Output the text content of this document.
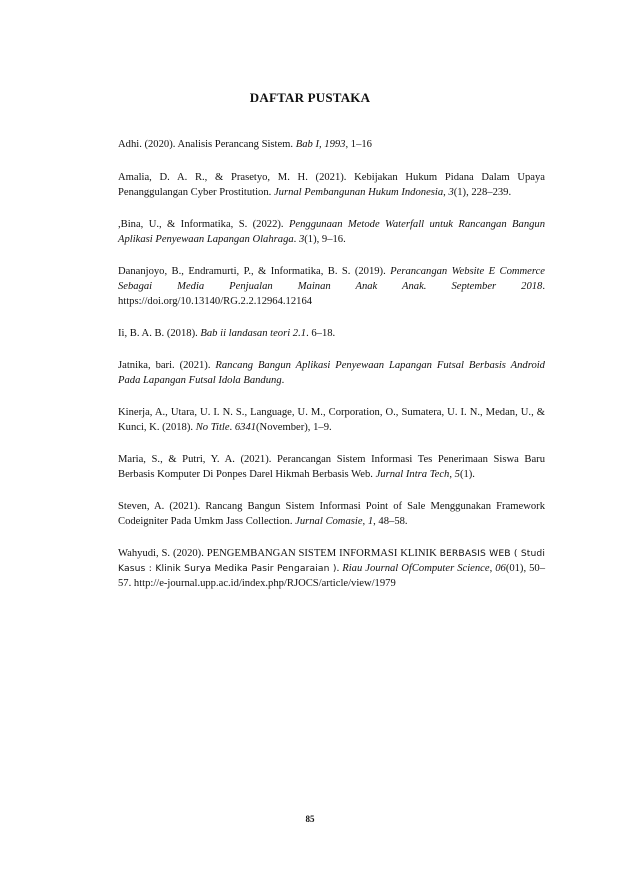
DAFTAR PUSTAKA

Adhi. (2020). Analisis Perancang Sistem. Bab I, 1993, 1–16

Amalia, D. A. R., & Prasetyo, M. H. (2021). Kebijakan Hukum Pidana Dalam Upaya Penanggulangan Cyber Prostitution. Jurnal Pembangunan Hukum Indonesia, 3(1), 228–239.

,Bina, U., & Informatika, S. (2022). Penggunaan Metode Waterfall untuk Rancangan Bangun Aplikasi Penyewaan Lapangan Olahraga. 3(1), 9–16.

Dananjoyo, B., Endramurti, P., & Informatika, B. S. (2019). Perancangan Website E Commerce Sebagai Media Penjualan Mainan Anak Anak. September 2018. https://doi.org/10.13140/RG.2.2.12964.12164

Ii, B. A. B. (2018). Bab ii landasan teori 2.1. 6–18.

Jatnika, bari. (2021). Rancang Bangun Aplikasi Penyewaan Lapangan Futsal Berbasis Android Pada Lapangan Futsal Idola Bandung.

Kinerja, A., Utara, U. I. N. S., Language, U. M., Corporation, O., Sumatera, U. I. N., Medan, U., & Kunci, K. (2018). No Title. 6341(November), 1–9.

Maria, S., & Putri, Y. A. (2021). Perancangan Sistem Informasi Tes Penerimaan Siswa Baru Berbasis Komputer Di Ponpes Darel Hikmah Berbasis Web. Jurnal Intra Tech, 5(1).

Steven, A. (2021). Rancang Bangun Sistem Informasi Point of Sale Menggunakan Framework Codeigniter Pada Umkm Jass Collection. Jurnal Comasie, 1, 48–58.

Wahyudi, S. (2020). PENGEMBANGAN SISTEM INFORMASI KLINIK BERBASIS WEB ( Studi Kasus : Klinik Surya Medika Pasir Pengaraian ). Riau Journal OfComputer Science, 06(01), 50–57. http://e-journal.upp.ac.id/index.php/RJOCS/article/view/1979

85
